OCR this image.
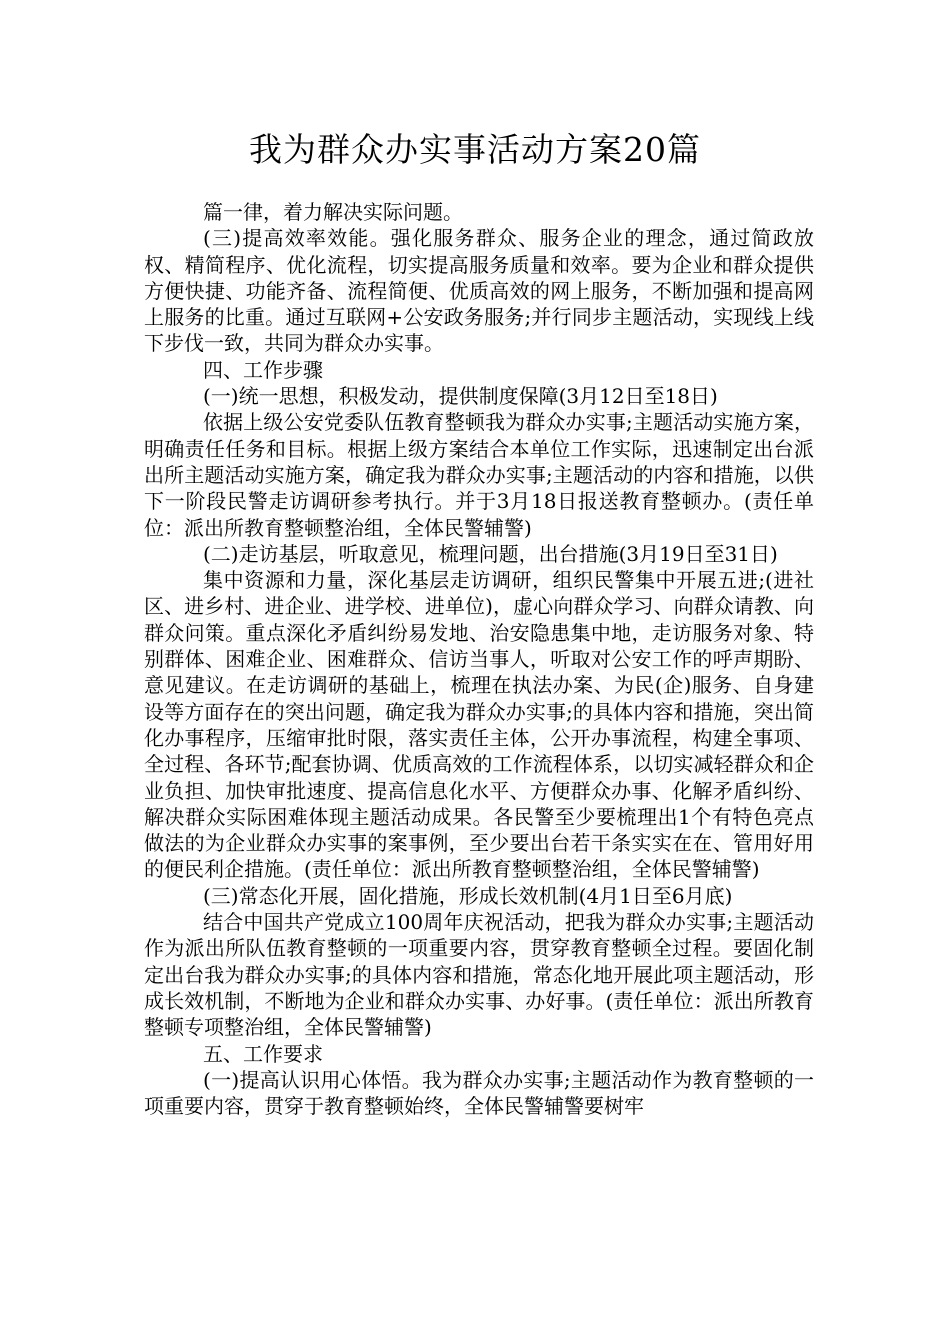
我为群众办实事活动方案20篇

篇一律，着力解决实际问题。

(三)提高效率效能。强化服务群众、服务企业的理念，通过简政放权、精简程序、优化流程，切实提高服务质量和效率。要为企业和群众提供方便快捷、功能齐备、流程简便、优质高效的网上服务，不断加强和提高网上服务的比重。通过互联网+公安政务服务;并行同步主题活动，实现线上线下步伐一致，共同为群众办实事。

四、工作步骤

(一)统一思想，积极发动，提供制度保障(3月12日至18日)

依据上级公安党委队伍教育整顿我为群众办实事;主题活动实施方案，明确责任任务和目标。根据上级方案结合本单位工作实际，迅速制定出台派出所主题活动实施方案，确定我为群众办实事;主题活动的内容和措施，以供下一阶段民警走访调研参考执行。并于3月18日报送教育整顿办。(责任单位：派出所教育整顿整治组，全体民警辅警)

(二)走访基层，听取意见，梳理问题，出台措施(3月19日至31日)

集中资源和力量，深化基层走访调研，组织民警集中开展五进;(进社区、进乡村、进企业、进学校、进单位)，虚心向群众学习、向群众请教、向群众问策。重点深化矛盾纠纷易发地、治安隐患集中地，走访服务对象、特别群体、困难企业、困难群众、信访当事人，听取对公安工作的呼声期盼、意见建议。在走访调研的基础上，梳理在执法办案、为民(企)服务、自身建设等方面存在的突出问题，确定我为群众办实事;的具体内容和措施，突出简化办事程序，压缩审批时限，落实责任主体，公开办事流程，构建全事项、全过程、各环节;配套协调、优质高效的工作流程体系，以切实减轻群众和企业负担、加快审批速度、提高信息化水平、方便群众办事、化解矛盾纠纷、解决群众实际困难体现主题活动成果。各民警至少要梳理出1个有特色亮点做法的为企业群众办实事的案事例，至少要出台若干条实实在在、管用好用的便民利企措施。(责任单位：派出所教育整顿整治组，全体民警辅警)

(三)常态化开展，固化措施，形成长效机制(4月1日至6月底)

结合中国共产党成立100周年庆祝活动，把我为群众办实事;主题活动作为派出所队伍教育整顿的一项重要内容，贯穿教育整顿全过程。要固化制定出台我为群众办实事;的具体内容和措施，常态化地开展此项主题活动，形成长效机制，不断地为企业和群众办实事、办好事。(责任单位：派出所教育整顿专项整治组，全体民警辅警)

五、工作要求

(一)提高认识用心体悟。我为群众办实事;主题活动作为教育整顿的一项重要内容，贯穿于教育整顿始终，全体民警辅警要树牢
